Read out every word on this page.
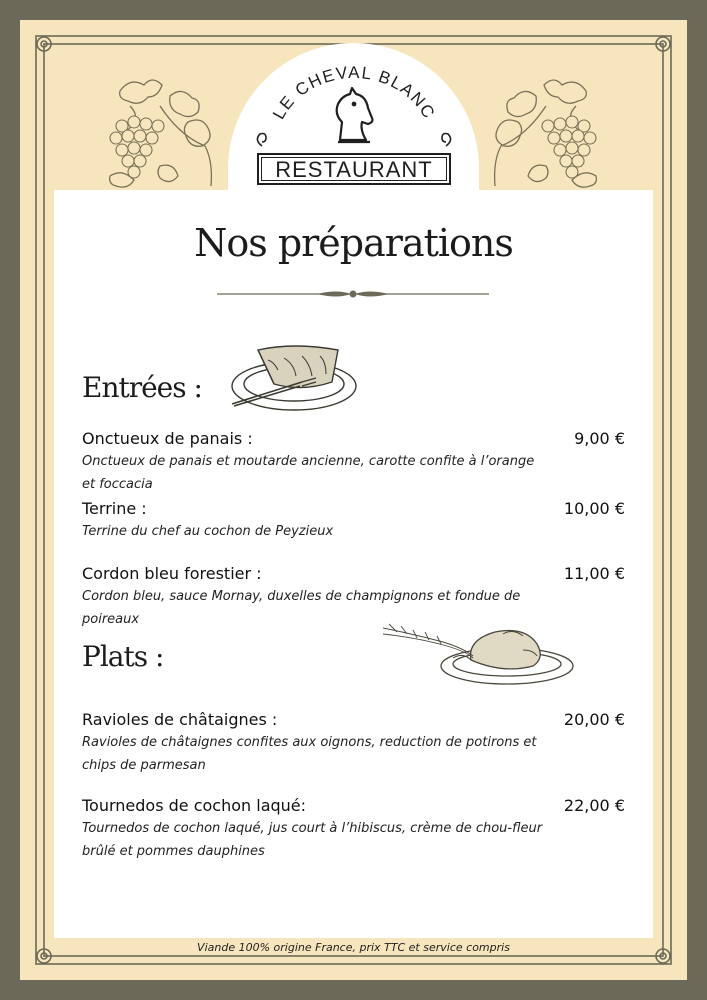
LE CHEVAL BLANC
RESTAURANT
Nos préparations
Entrées :
Onctueux de panais :	9,00 €
Onctueux de panais et moutarde ancienne, carotte confite à l’orange et foccacia
Terrine :	10,00 €
Terrine du chef au cochon de Peyzieux
Cordon bleu forestier :	11,00 €
Cordon bleu, sauce Mornay, duxelles de champignons et fondue de poireaux
Plats :
Ravioles de châtaignes :	20,00 €
Ravioles de châtaignes confites aux oignons, reduction de potirons et chips de parmesan
Tournedos de cochon laqué:	22,00 €
Tournedos de cochon laqué, jus court à l’hibiscus, crème de chou-fleur brûlé et pommes dauphines
Viande 100% origine France, prix TTC et service compris
